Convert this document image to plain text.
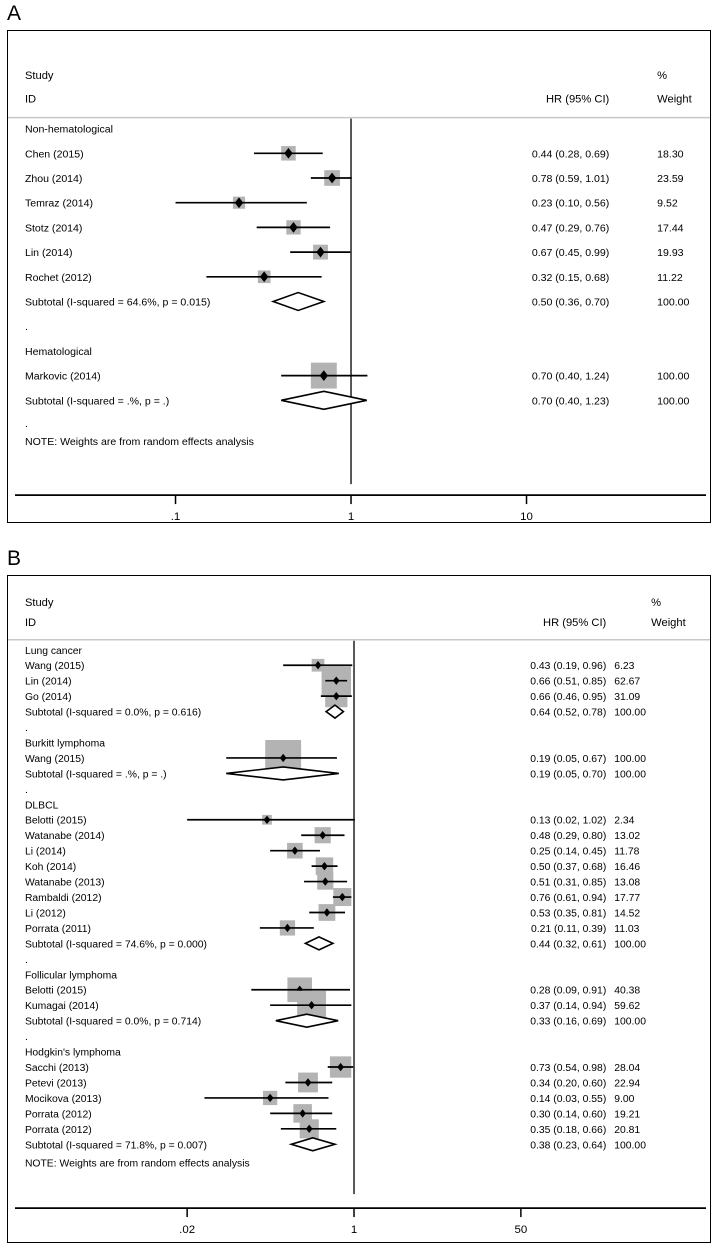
A
Study
ID	HR (95% CI)
%
Weight
Non-hematological
Chen (2015)	0.44 (0.28, 0.69)	18.30
Zhou (2014)	0.78 (0.59, 1.01)	23.59
Temraz (2014)	0.23 (0.10, 0.56)	9.52
Stotz (2014)	0.47 (0.29, 0.76)	17.44
Lin (2014)	0.67 (0.45, 0.99)	19.93
Rochet (2012)	0.32 (0.15, 0.68)	11.22
Subtotal (I-squared = 64.6%, p = 0.015)	0.50 (0.36, 0.70)	100.00
.
Hematological
Markovic (2014)	0.70 (0.40, 1.24)	100.00
Subtotal (I-squared = .%, p = .)	0.70 (0.40, 1.23)	100.00
.
NOTE: Weights are from random effects analysis
.1	1	10
B
Study
ID	HR (95% CI)
%
Weight
Lung cancer
Wang (2015)	0.43 (0.19, 0.96) 6.23
Lin (2014)	0.66 (0.51, 0.85) 62.67
Go (2014)	0.66 (0.46, 0.95) 31.09
Subtotal (I-squared = 0.0%, p = 0.616)	0.64 (0.52, 0.78) 100.00
.
Burkitt lymphoma
Wang (2015)	0.19 (0.05, 0.67) 100.00
Subtotal (I-squared = .%, p = .)	0.19 (0.05, 0.70) 100.00
.
DLBCL
Belotti (2015)	0.13 (0.02, 1.02) 2.34
Watanabe (2014)	0.48 (0.29, 0.80) 13.02
Li (2014)	0.25 (0.14, 0.45) 11.78
Koh (2014)	0.50 (0.37, 0.68) 16.46
Watanabe (2013)	0.51 (0.31, 0.85) 13.08
Rambaldi (2012)	0.76 (0.61, 0.94) 17.77
Li (2012)	0.53 (0.35, 0.81) 14.52
Porrata (2011)	0.21 (0.11, 0.39) 11.03
Subtotal (I-squared = 74.6%, p = 0.000)	0.44 (0.32, 0.61) 100.00
.
Follicular lymphoma
Belotti (2015)	0.28 (0.09, 0.91) 40.38
Kumagai (2014)	0.37 (0.14, 0.94) 59.62
Subtotal (I-squared = 0.0%, p = 0.714)	0.33 (0.16, 0.69) 100.00
.
Hodgkin's lymphoma
Sacchi (2013)	0.73 (0.54, 0.98) 28.04
Petevi (2013)	0.34 (0.20, 0.60) 22.94
Mocikova (2013)	0.14 (0.03, 0.55) 9.00
Porrata (2012)	0.30 (0.14, 0.60) 19.21
Porrata (2012)	0.35 (0.18, 0.66) 20.81
Subtotal (I-squared = 71.8%, p = 0.007)	0.38 (0.23, 0.64) 100.00
NOTE: Weights are from random effects analysis
.02	1	50
